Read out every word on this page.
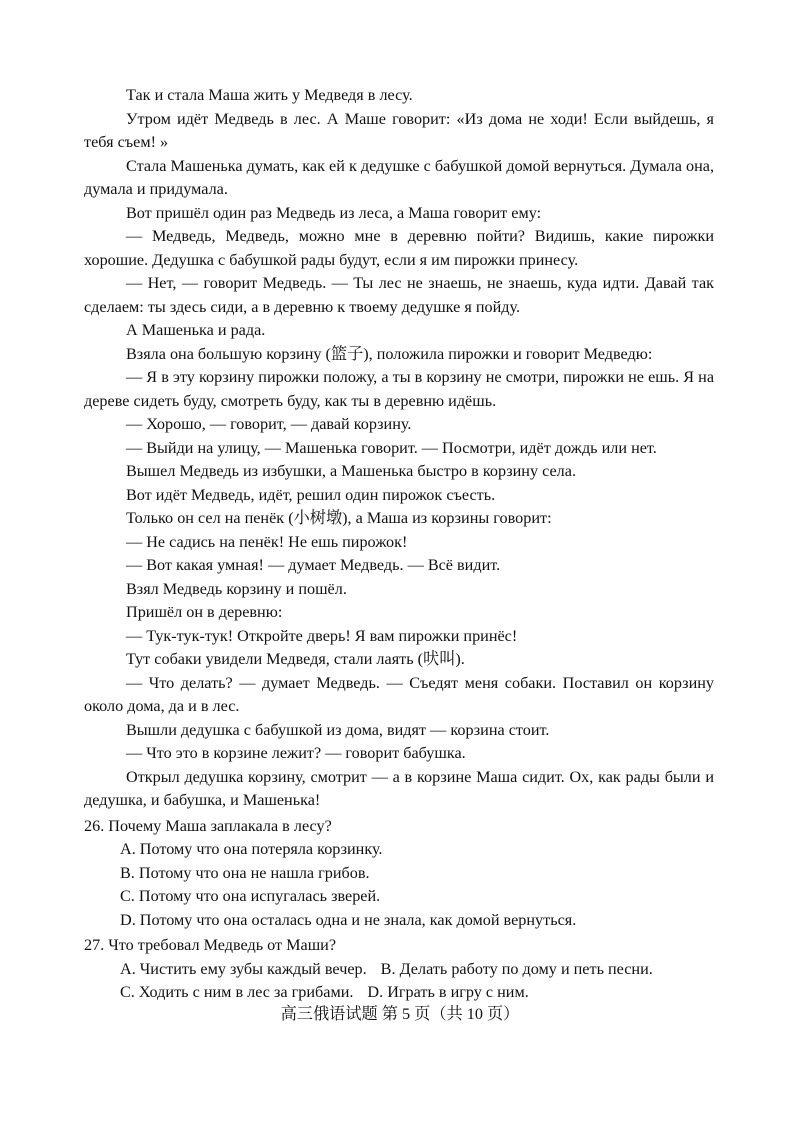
Так и стала Маша жить у Медведя в лесу.

Утром идёт Медведь в лес. А Маше говорит: «Из дома не ходи! Если выйдешь, я тебя съем! »

Стала Машенька думать, как ей к дедушке с бабушкой домой вернуться. Думала она, думала и придумала.

Вот пришёл один раз Медведь из леса, а Маша говорит ему:

— Медведь, Медведь, можно мне в деревню пойти? Видишь, какие пирожки хорошие. Дедушка с бабушкой рады будут, если я им пирожки принесу.

— Нет, — говорит Медведь. — Ты лес не знаешь, не знаешь, куда идти. Давай так сделаем: ты здесь сиди, а в деревню к твоему дедушке я пойду.

А Машенька и рада.

Взяла она большую корзину (篮子), положила пирожки и говорит Медведю:

— Я в эту корзину пирожки положу, а ты в корзину не смотри, пирожки не ешь. Я на дереве сидеть буду, смотреть буду, как ты в деревню идёшь.

— Хорошо, — говорит, — давай корзину.

— Выйди на улицу, — Машенька говорит. — Посмотри, идёт дождь или нет.

Вышел Медведь из избушки, а Машенька быстро в корзину села.

Вот идёт Медведь, идёт, решил один пирожок съесть.

Только он сел на пенёк (小树墩), а Маша из корзины говорит:

— Не садись на пенёк! Не ешь пирожок!

— Вот какая умная! — думает Медведь. — Всё видит.

Взял Медведь корзину и пошёл.

Пришёл он в деревню:

— Тук-тук-тук! Откройте дверь! Я вам пирожки принёс!

Тут собаки увидели Медведя, стали лаять (吠叫).

— Что делать? — думает Медведь. — Съедят меня собаки. Поставил он корзину около дома, да и в лес.

Вышли дедушка с бабушкой из дома, видят — корзина стоит.

— Что это в корзине лежит? — говорит бабушка.

Открыл дедушка корзину, смотрит — а в корзине Маша сидит. Ох, как рады были и дедушка, и бабушка, и Машенька!

26. Почему Маша заплакала в лесу?

A. Потому что она потеряла корзинку.

B. Потому что она не нашла грибов.

C. Потому что она испугалась зверей.

D. Потому что она осталась одна и не знала, как домой вернуться.

27. Что требовал Медведь от Маши?

A. Чистить ему зубы каждый вечер. B. Делать работу по дому и петь песни.

C. Ходить с ним в лес за грибами. D. Играть в игру с ним.

高三俄语试题 第 5 页（共 10 页）
